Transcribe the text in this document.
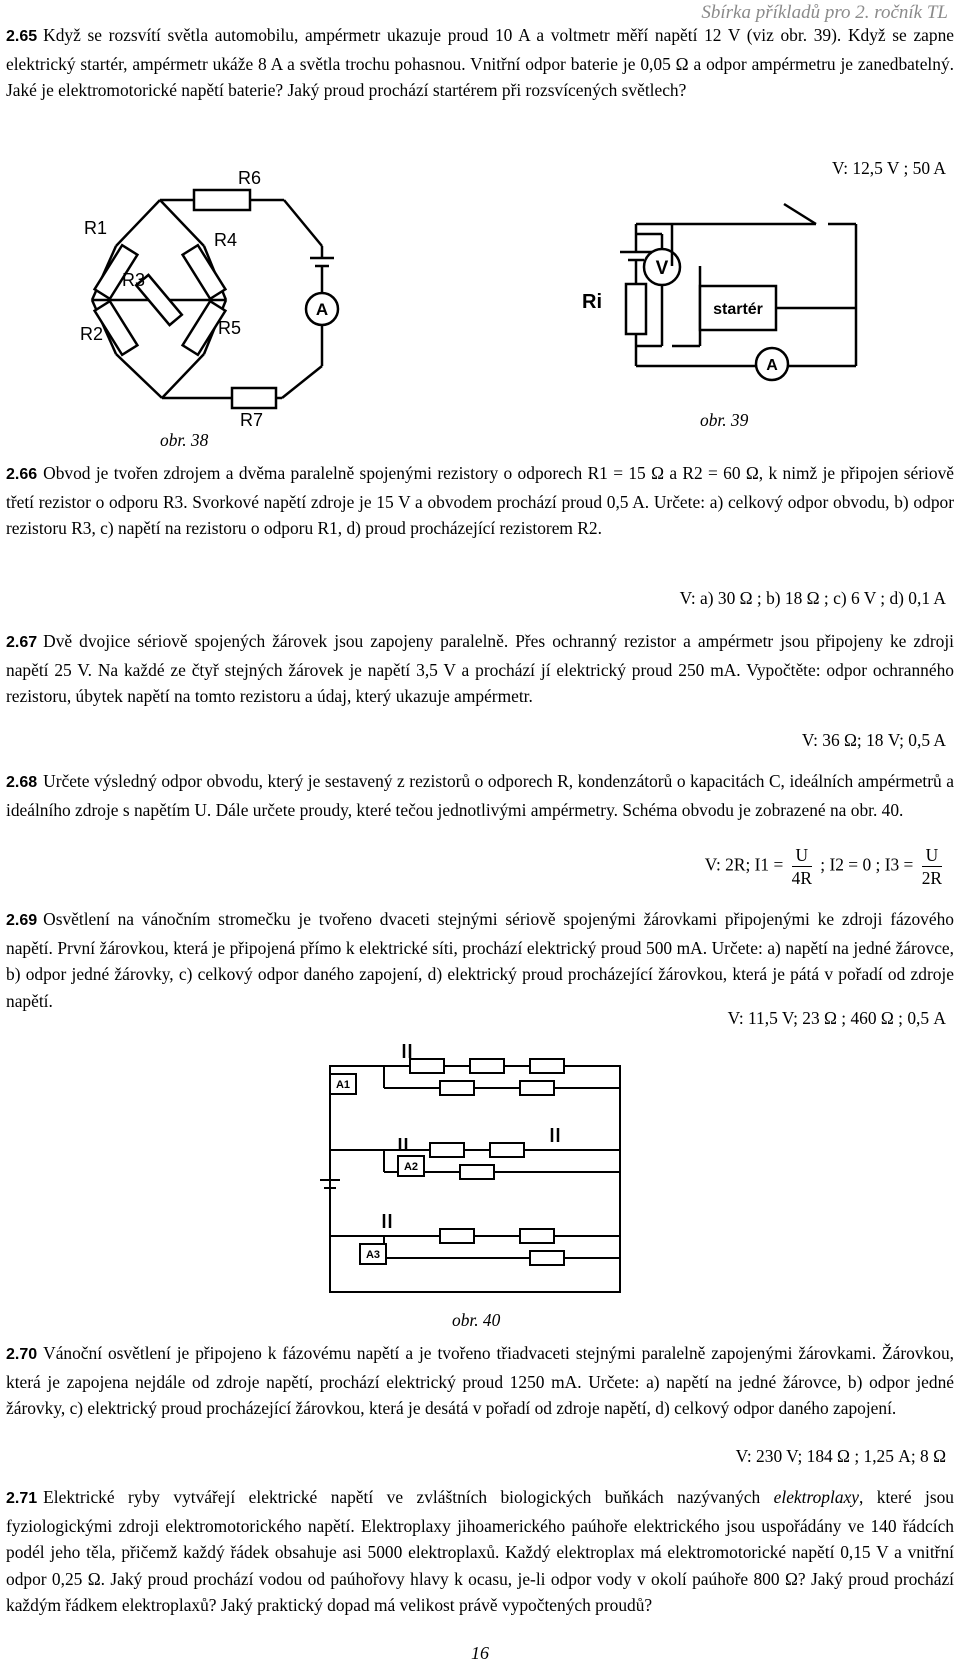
Sbírka příkladů pro 2. ročník TL
2.65 Když se rozsvítí světla automobilu, ampérmetr ukazuje proud 10 A a voltmetr měří napětí 12 V (viz obr. 39). Když se zapne elektrický startér, ampérmetr ukáže 8 A a světla trochu pohasnou. Vnitřní odpor baterie je 0,05 Ω a odpor ampérmetru je zanedbatelný. Jaké je elektromotorické napětí baterie? Jaký proud prochází startérem při rozsvícených světlech?
V: 12,5 V ; 50 A
A
R6
R1
R4
R3
R2	R5
R7
obr. 38
V
startér
A
Ri
obr. 39
2.66 Obvod je tvořen zdrojem a dvěma paralelně spojenými rezistory o odporech R1 = 15 Ω a R2 = 60 Ω, k nimž je připojen sériově třetí rezistor o odporu R3. Svorkové napětí zdroje je 15 V a obvodem prochází proud 0,5 A. Určete: a) celkový odpor obvodu, b) odpor rezistoru R3, c) napětí na rezistoru o odporu R1, d) proud procházející rezistorem R2.
V: a) 30 Ω ; b) 18 Ω ; c) 6 V ; d) 0,1 A
2.67 Dvě dvojice sériově spojených žárovek jsou zapojeny paralelně. Přes ochranný rezistor a ampérmetr jsou připojeny ke zdroji napětí 25 V. Na každé ze čtyř stejných žárovek je napětí 3,5 V a prochází jí elektrický proud 250 mA. Vypočtěte: odpor ochranného rezistoru, úbytek napětí na tomto rezistoru a údaj, který ukazuje ampérmetr.
V: 36 Ω; 18 V; 0,5 A
2.68 Určete výsledný odpor obvodu, který je sestavený z rezistorů o odporech R, kondenzátorů o kapacitách C, ideálních ampérmetrů a ideálního zdroje s napětím U. Dále určete proudy, které tečou jednotlivými ampérmetry. Schéma obvodu je zobrazené na obr. 40.
V: 2R; $I1 = \frac{U}{4R}$ ; I2 = 0 ; $I3 = \frac{U}{2R}$
2.69 Osvětlení na vánočním stromečku je tvořeno dvaceti stejnými sériově spojenými žárovkami připojenými ke zdroji fázového napětí. První žárovkou, která je připojená přímo k elektrické síti, prochází elektrický proud 500 mA. Určete: a) napětí na jedné žárovce, b) odpor jedné žárovky, c) celkový odpor daného zapojení, d) elektrický proud procházející žárovkou, která je pátá v pořadí od zdroje napětí.
V: 11,5 V; 23 Ω ; 460 Ω ; 0,5 A
A1
A2
A3
obr. 40
2.70 Vánoční osvětlení je připojeno k fázovému napětí a je tvořeno třiadvaceti stejnými paralelně zapojenými žárovkami. Žárovkou, která je zapojena nejdále od zdroje napětí, prochází elektrický proud 1250 mA. Určete: a) napětí na jedné žárovce, b) odpor jedné žárovky, c) elektrický proud procházející žárovkou, která je desátá v pořadí od zdroje napětí, d) celkový odpor daného zapojení.
V: 230 V; 184 Ω ; 1,25 A; 8 Ω
2.71 Elektrické ryby vytvářejí elektrické napětí ve zvláštních biologických buňkách nazývaných elektroplaxy, které jsou fyziologickými zdroji elektromotorického napětí. Elektroplaxy jihoamerického paúhoře elektrického jsou uspořádány ve 140 řádcích podél jeho těla, přičemž každý řádek obsahuje asi 5000 elektroplaxů. Každý elektroplax má elektromotorické napětí 0,15 V a vnitřní odpor 0,25 Ω. Jaký proud prochází vodou od paúhořovy hlavy k ocasu, je-li odpor vody v okolí paúhoře 800 Ω? Jaký proud prochází každým řádkem elektroplaxů? Jaký praktický dopad má velikost právě vypočtených proudů?
16
